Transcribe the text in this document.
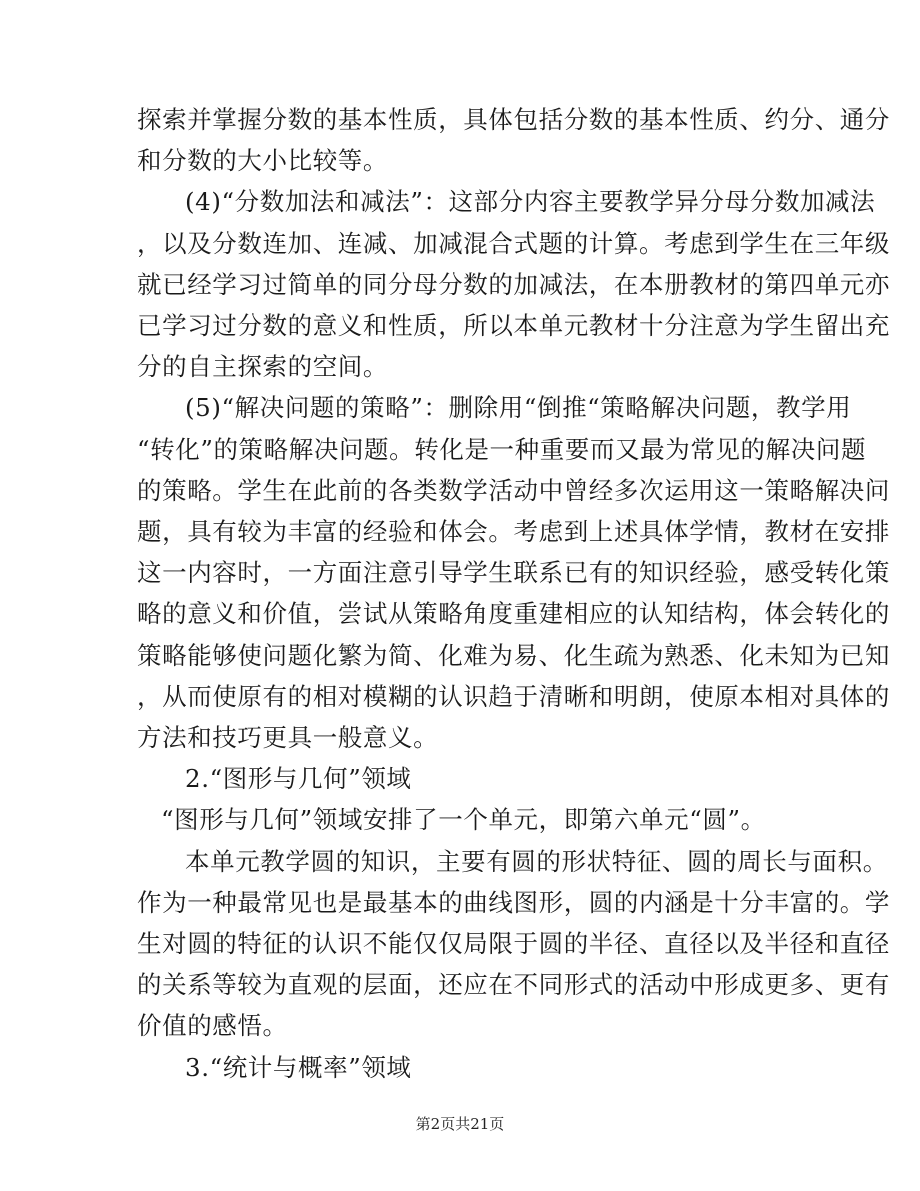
探索并掌握分数的基本性质，具体包括分数的基本性质、约分、通分
和分数的大小比较等。
(4)“分数加法和减法”：这部分内容主要教学异分母分数加减法
，以及分数连加、连减、加减混合式题的计算。考虑到学生在三年级
就已经学习过简单的同分母分数的加减法，在本册教材的第四单元亦
已学习过分数的意义和性质，所以本单元教材十分注意为学生留出充
分的自主探索的空间。
(5)“解决问题的策略”：删除用“倒推“策略解决问题，教学用
“转化”的策略解决问题。转化是一种重要而又最为常见的解决问题
的策略。学生在此前的各类数学活动中曾经多次运用这一策略解决问
题，具有较为丰富的经验和体会。考虑到上述具体学情，教材在安排
这一内容时，一方面注意引导学生联系已有的知识经验，感受转化策
略的意义和价值，尝试从策略角度重建相应的认知结构，体会转化的
策略能够使问题化繁为简、化难为易、化生疏为熟悉、化未知为已知
，从而使原有的相对模糊的认识趋于清晰和明朗，使原本相对具体的
方法和技巧更具一般意义。
2.“图形与几何”领域
“图形与几何”领域安排了一个单元，即第六单元“圆”。
本单元教学圆的知识，主要有圆的形状特征、圆的周长与面积。
作为一种最常见也是最基本的曲线图形，圆的内涵是十分丰富的。学
生对圆的特征的认识不能仅仅局限于圆的半径、直径以及半径和直径
的关系等较为直观的层面，还应在不同形式的活动中形成更多、更有
价值的感悟。
3.“统计与概率”领域
第2页共21页
